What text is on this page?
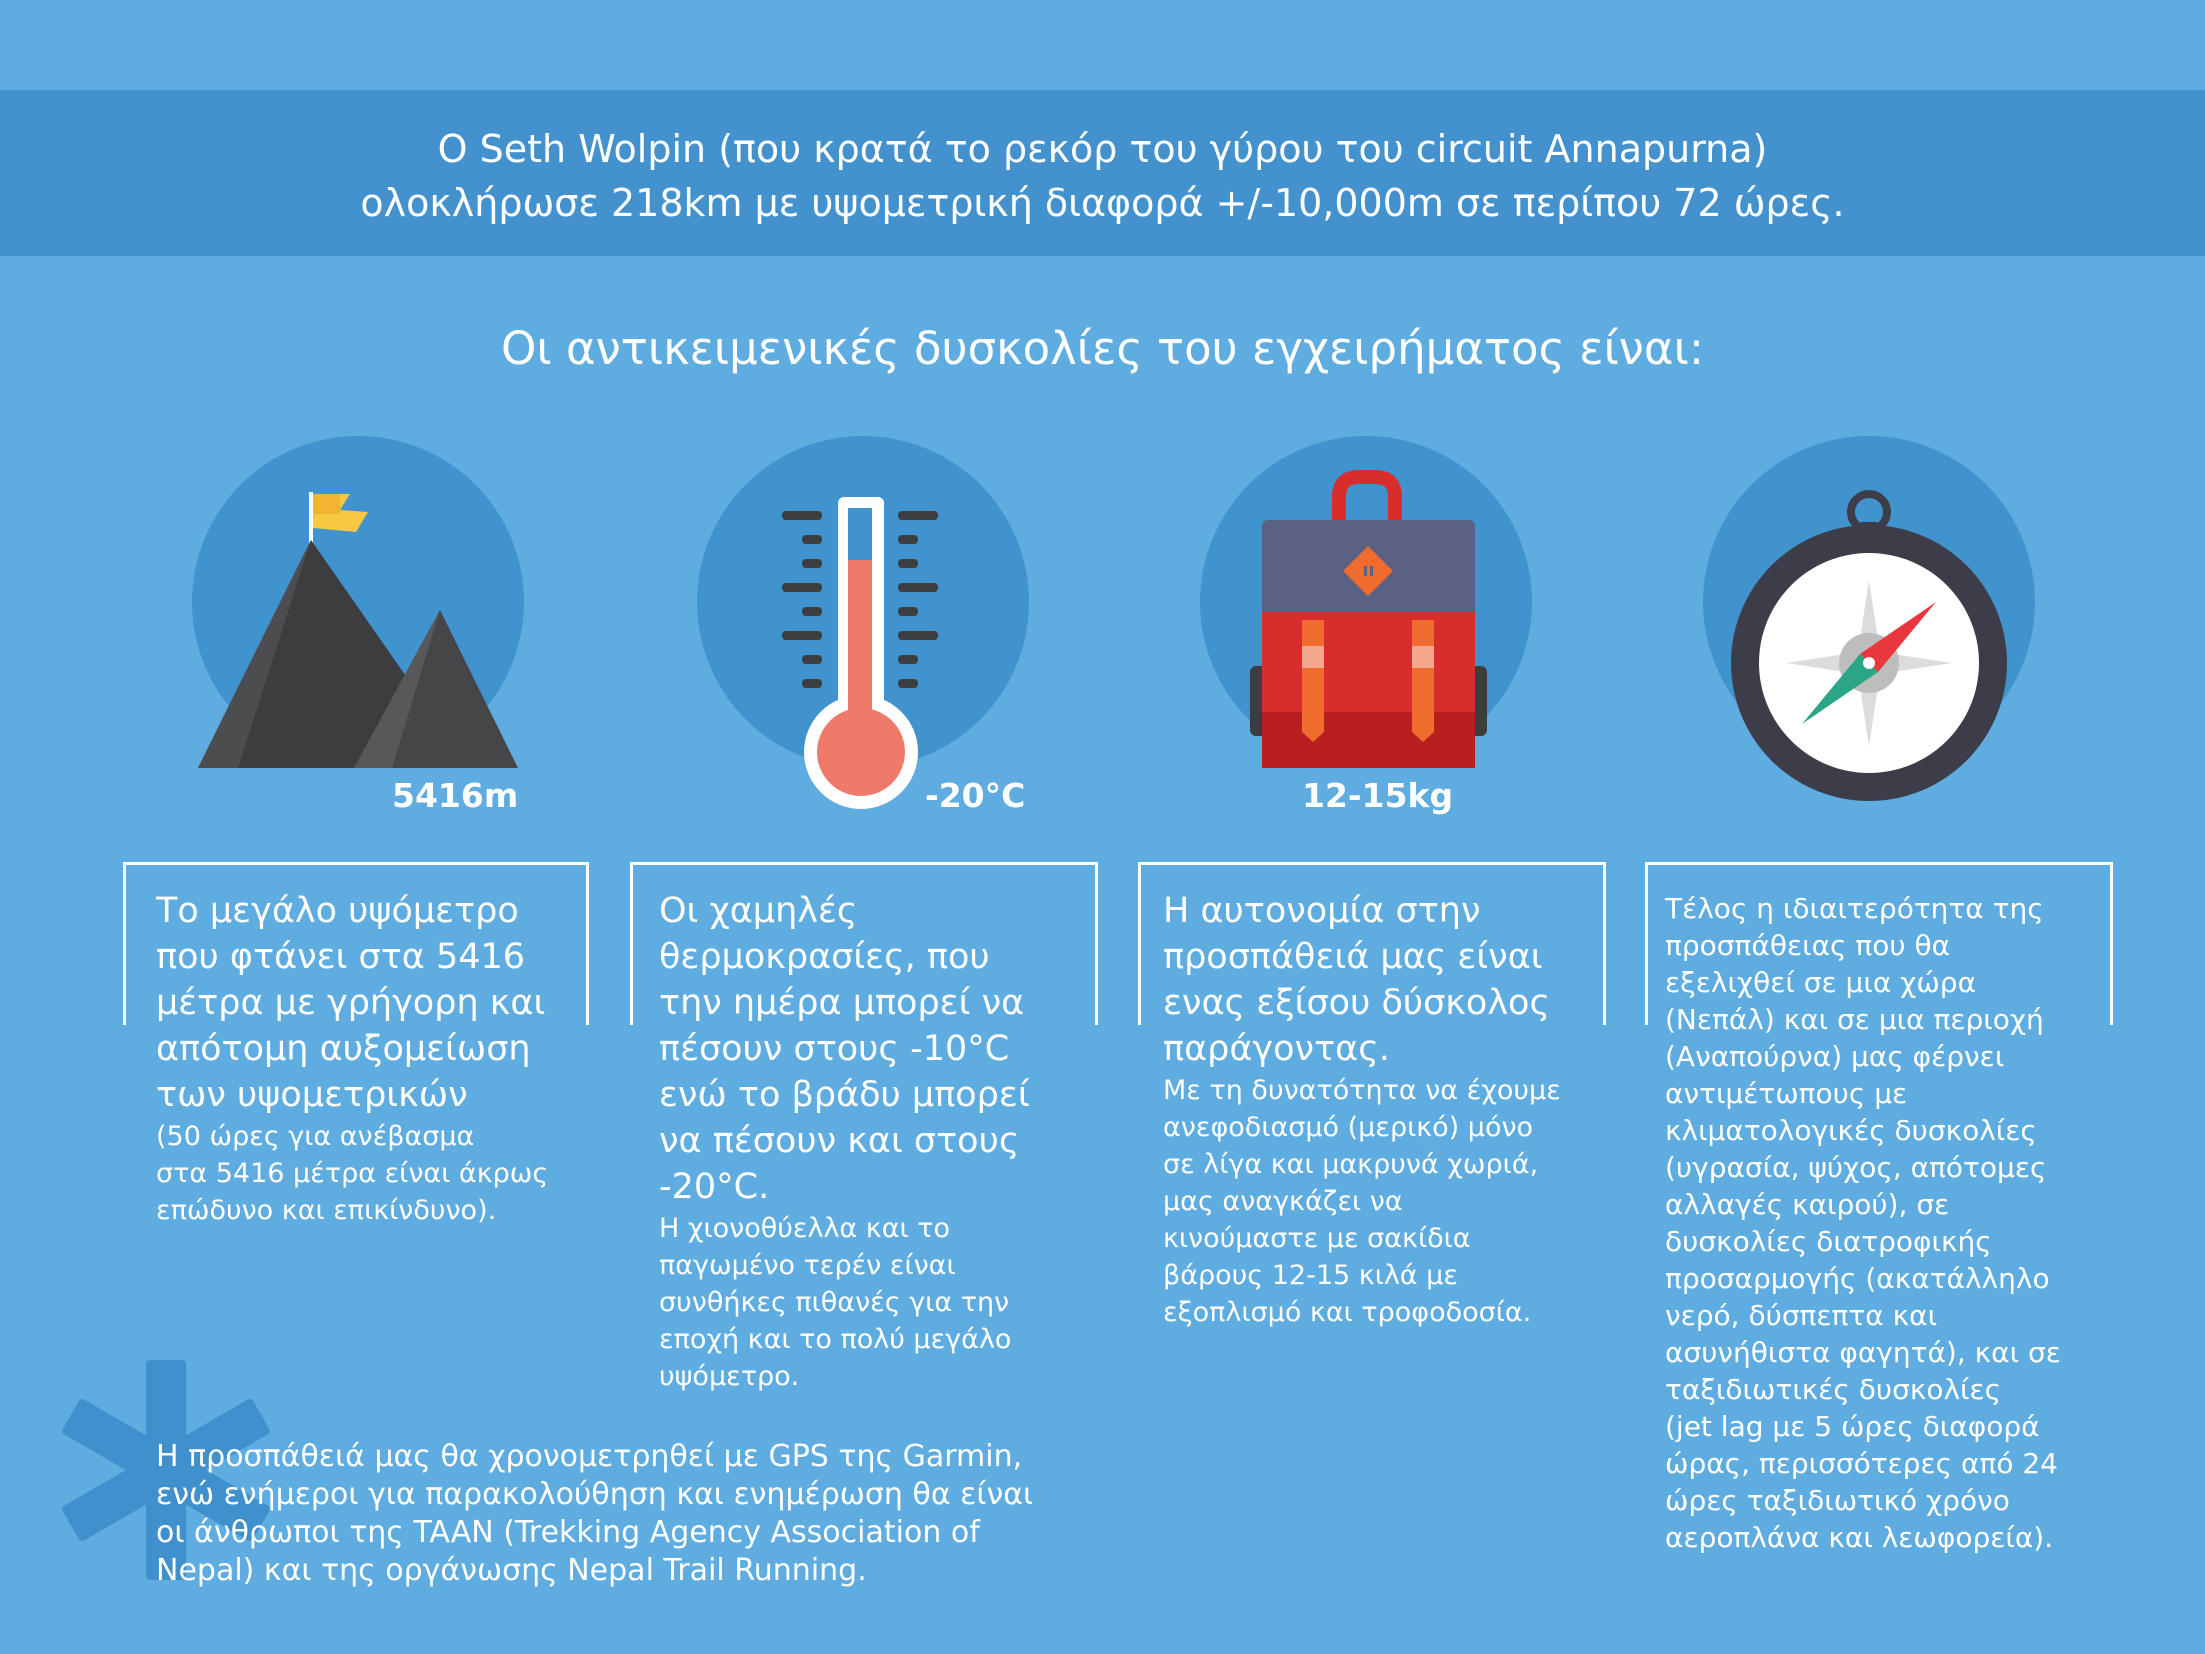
Ο Seth Wolpin (που κρατά το ρεκόρ του γύρου του circuit Annapurna)
ολοκλήρωσε 218km με υψομετρική διαφορά +/-10,000m σε περίπου 72 ώρες.
Οι αντικειμενικές δυσκολίες του εγχειρήματος είναι:
5416m	-20°C	12-15kg
Το μεγάλο υψόμετρο
που φτάνει στα 5416
μέτρα με γρήγορη και
απότομη αυξομείωση
των υψομετρικών
(50 ώρες για ανέβασμα
στα 5416 μέτρα είναι άκρως
επώδυνο και επικίνδυνο).
Οι χαμηλές
θερμοκρασίες, που
την ημέρα μπορεί να
πέσουν στους -10°C
ενώ το βράδυ μπορεί
να πέσουν και στους
-20°C.
Η χιονοθύελλα και το
παγωμένο τερέν είναι
συνθήκες πιθανές για την
εποχή και το πολύ μεγάλο
υψόμετρο.
Η αυτονομία στην
προσπάθειά μας είναι
ενας εξίσου δύσκολος
παράγοντας.
Με τη δυνατότητα να έχουμε
ανεφοδιασμό (μερικό) μόνο
σε λίγα και μακρυνά χωριά,
μας αναγκάζει να
κινούμαστε με σακίδια
βάρους 12-15 κιλά με
εξοπλισμό και τροφοδοσία.
Τέλος η ιδιαιτερότητα της
προσπάθειας που θα
εξελιχθεί σε μια χώρα
(Νεπάλ) και σε μια περιοχή
(Αναπούρνα) μας φέρνει
αντιμέτωπους με
κλιματολογικές δυσκολίες
(υγρασία, ψύχος, απότομες
αλλαγές καιρού), σε
δυσκολίες διατροφικής
προσαρμογής (ακατάλληλο
νερό, δύσπεπτα και
ασυνήθιστα φαγητά), και σε
ταξιδιωτικές δυσκολίες
(jet lag με 5 ώρες διαφορά
ώρας, περισσότερες από 24
ώρες ταξιδιωτικό χρόνο
αεροπλάνα και λεωφορεία).
Η προσπάθειά μας θα χρονομετρηθεί με GPS της Garmin,
ενώ ενήμεροι για παρακολούθηση και ενημέρωση θα είναι
οι άνθρωποι της TAAN (Trekking Agency Association of
Nepal) και της οργάνωσης Nepal Trail Running.
